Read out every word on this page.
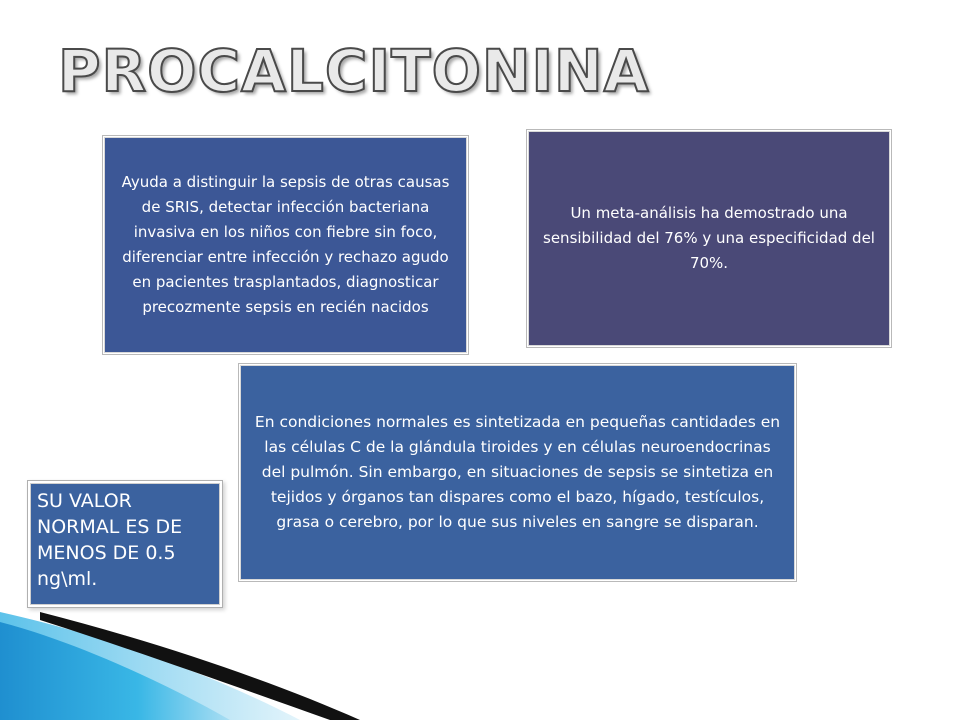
PROCALCITONINA
Ayuda a distinguir la sepsis de otras causas de SRIS, detectar infección bacteriana invasiva en los niños con fiebre sin foco, diferenciar entre infección y rechazo agudo en pacientes trasplantados, diagnosticar precozmente sepsis en recién nacidos
Un meta-análisis ha demostrado una sensibilidad del 76% y una especificidad del 70%.
En condiciones normales es sintetizada en pequeñas cantidades en las células C de la glándula tiroides y en células neuroendocrinas del pulmón. Sin embargo, en situaciones de sepsis se sintetiza en tejidos y órganos tan dispares como el bazo, hígado, testículos, grasa o cerebro, por lo que sus niveles en sangre se disparan.
SU VALOR NORMAL ES DE MENOS DE 0.5 ng\ml.
